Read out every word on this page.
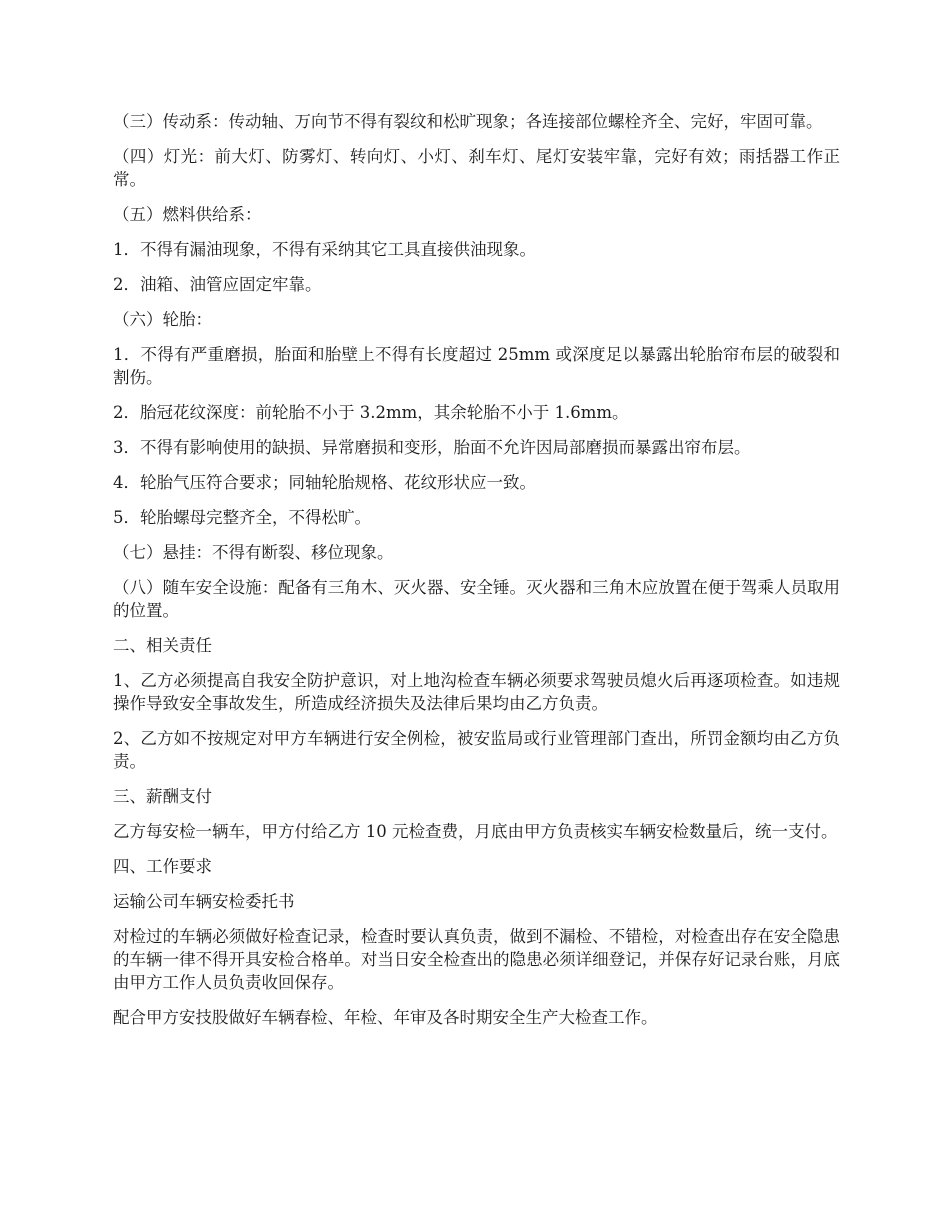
（三）传动系：传动轴、万向节不得有裂纹和松旷现象；各连接部位螺栓齐全、完好，牢固可靠。

（四）灯光：前大灯、防雾灯、转向灯、小灯、刹车灯、尾灯安装牢靠，完好有效；雨括器工作正常。

（五）燃料供给系：

1．不得有漏油现象，不得有采纳其它工具直接供油现象。

2．油箱、油管应固定牢靠。

（六）轮胎：

1．不得有严重磨损，胎面和胎壁上不得有长度超过 25mm 或深度足以暴露出轮胎帘布层的破裂和割伤。

2．胎冠花纹深度：前轮胎不小于 3.2mm，其余轮胎不小于 1.6mm。

3．不得有影响使用的缺损、异常磨损和变形，胎面不允许因局部磨损而暴露出帘布层。

4．轮胎气压符合要求；同轴轮胎规格、花纹形状应一致。

5．轮胎螺母完整齐全，不得松旷。

（七）悬挂：不得有断裂、移位现象。

（八）随车安全设施：配备有三角木、灭火器、安全锤。灭火器和三角木应放置在便于驾乘人员取用的位置。

二、相关责任

1、乙方必须提高自我安全防护意识，对上地沟检查车辆必须要求驾驶员熄火后再逐项检查。如违规操作导致安全事故发生，所造成经济损失及法律后果均由乙方负责。

2、乙方如不按规定对甲方车辆进行安全例检，被安监局或行业管理部门查出，所罚金额均由乙方负责。

三、薪酬支付

乙方每安检一辆车，甲方付给乙方 10 元检查费，月底由甲方负责核实车辆安检数量后，统一支付。

四、工作要求

运输公司车辆安检委托书

对检过的车辆必须做好检查记录，检查时要认真负责，做到不漏检、不错检，对检查出存在安全隐患的车辆一律不得开具安检合格单。对当日安全检查出的隐患必须详细登记，并保存好记录台账，月底由甲方工作人员负责收回保存。

配合甲方安技股做好车辆春检、年检、年审及各时期安全生产大检查工作。
